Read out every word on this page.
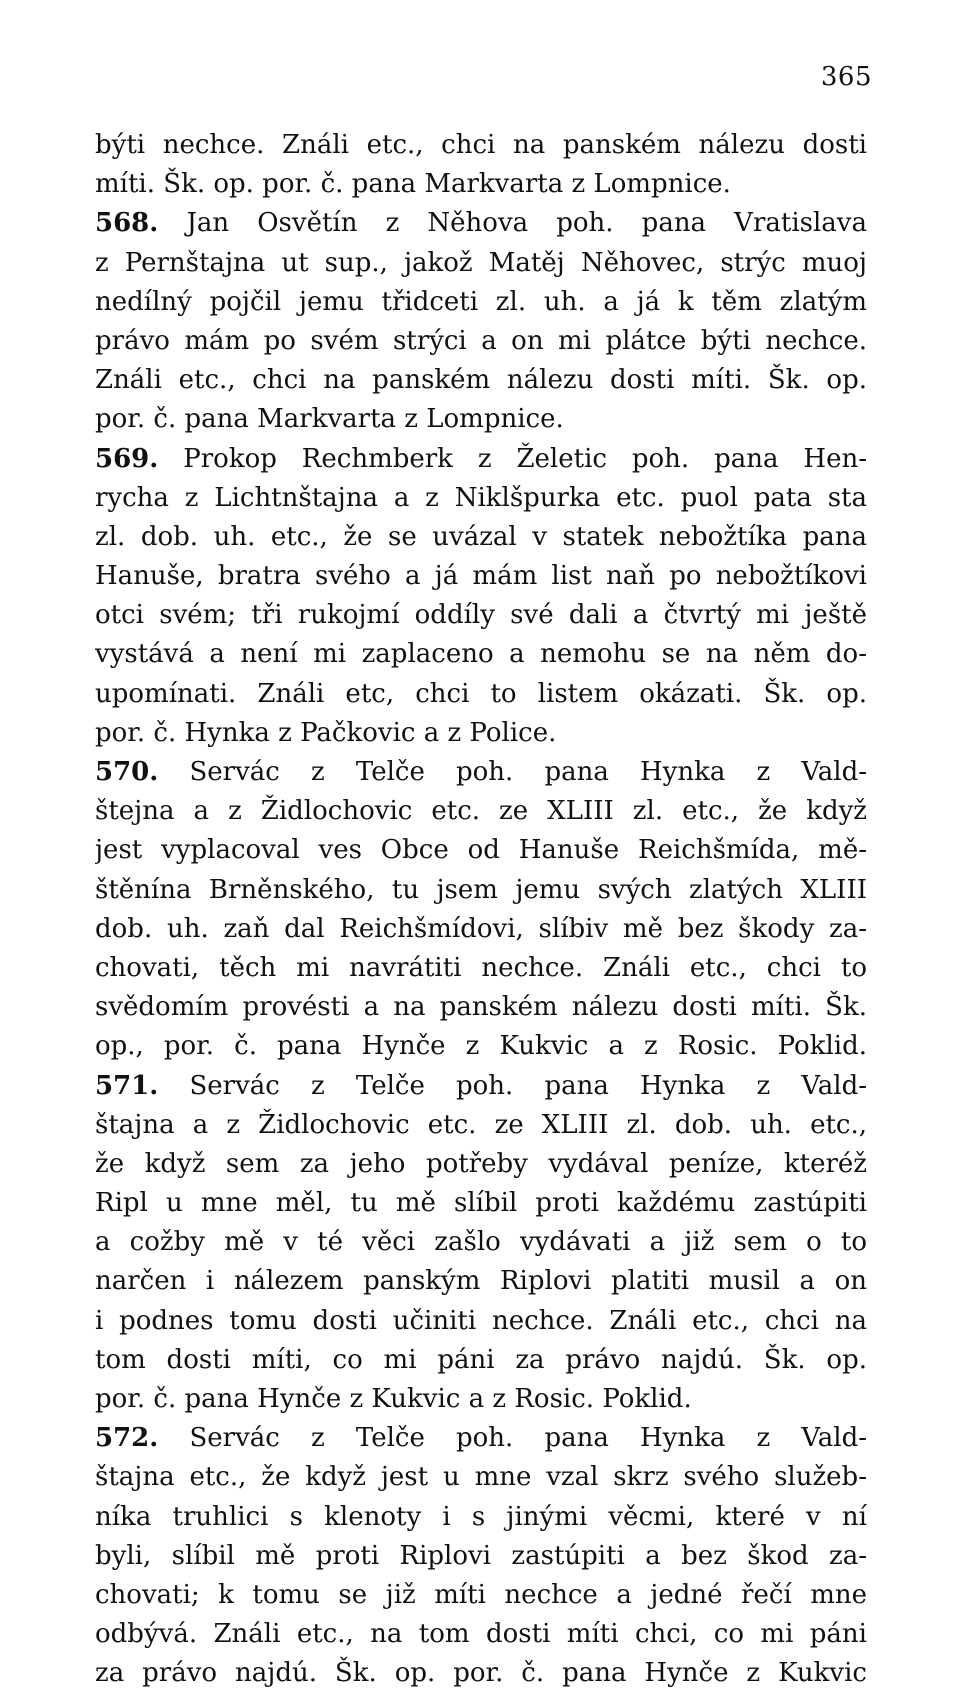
365
býti nechce. Ználi etc., chci na panském nálezu dosti
míti. Šk. op. por. č. pana Markvarta z Lompnice.
568. Jan Osvětín z Něhova poh. pana Vratislava
z Pernštajna ut sup., jakož Matěj Něhovec, strýc muoj
nedílný pojčil jemu třidceti zl. uh. a já k těm zlatým
právo mám po svém strýci a on mi plátce býti nechce.
Ználi etc., chci na panském nálezu dosti míti. Šk. op.
por. č. pana Markvarta z Lompnice.
569. Prokop Rechmberk z Želetic poh. pana Hen-
rycha z Lichtnštajna a z Niklšpurka etc. puol pata sta
zl. dob. uh. etc., že se uvázal v statek nebožtíka pana
Hanuše, bratra svého a já mám list naň po nebožtíkovi
otci svém; tři rukojmí oddíly své dali a čtvrtý mi ještě
vystává a není mi zaplaceno a nemohu se na něm do-
upomínati. Ználi etc, chci to listem okázati. Šk. op.
por. č. Hynka z Pačkovic a z Police.
570. Servác z Telče poh. pana Hynka z Vald-
štejna a z Židlochovic etc. ze XLIII zl. etc., že když
jest vyplacoval ves Obce od Hanuše Reichšmída, mě-
štěnína Brněnského, tu jsem jemu svých zlatých XLIII
dob. uh. zaň dal Reichšmídovi, slíbiv mě bez škody za-
chovati, těch mi navrátiti nechce. Ználi etc., chci to
svědomím provésti a na panském nálezu dosti míti. Šk.
op., por. č. pana Hynče z Kukvic a z Rosic. Poklid.
571. Servác z Telče poh. pana Hynka z Vald-
štajna a z Židlochovic etc. ze XLIII zl. dob. uh. etc.,
že když sem za jeho potřeby vydával peníze, kteréž
Ripl u mne měl, tu mě slíbil proti každému zastúpiti
a cožby mě v té věci zašlo vydávati a již sem o to
narčen i nálezem panským Riplovi platiti musil a on
i podnes tomu dosti učiniti nechce. Ználi etc., chci na
tom dosti míti, co mi páni za právo najdú. Šk. op.
por. č. pana Hynče z Kukvic a z Rosic. Poklid.
572. Servác z Telče poh. pana Hynka z Vald-
štajna etc., že když jest u mne vzal skrz svého služeb-
níka truhlici s klenoty i s jinými věcmi, které v ní
byli, slíbil mě proti Riplovi zastúpiti a bez škod za-
chovati; k tomu se již míti nechce a jedné řečí mne
odbývá. Ználi etc., na tom dosti míti chci, co mi páni
za právo najdú. Šk. op. por. č. pana Hynče z Kukvic
